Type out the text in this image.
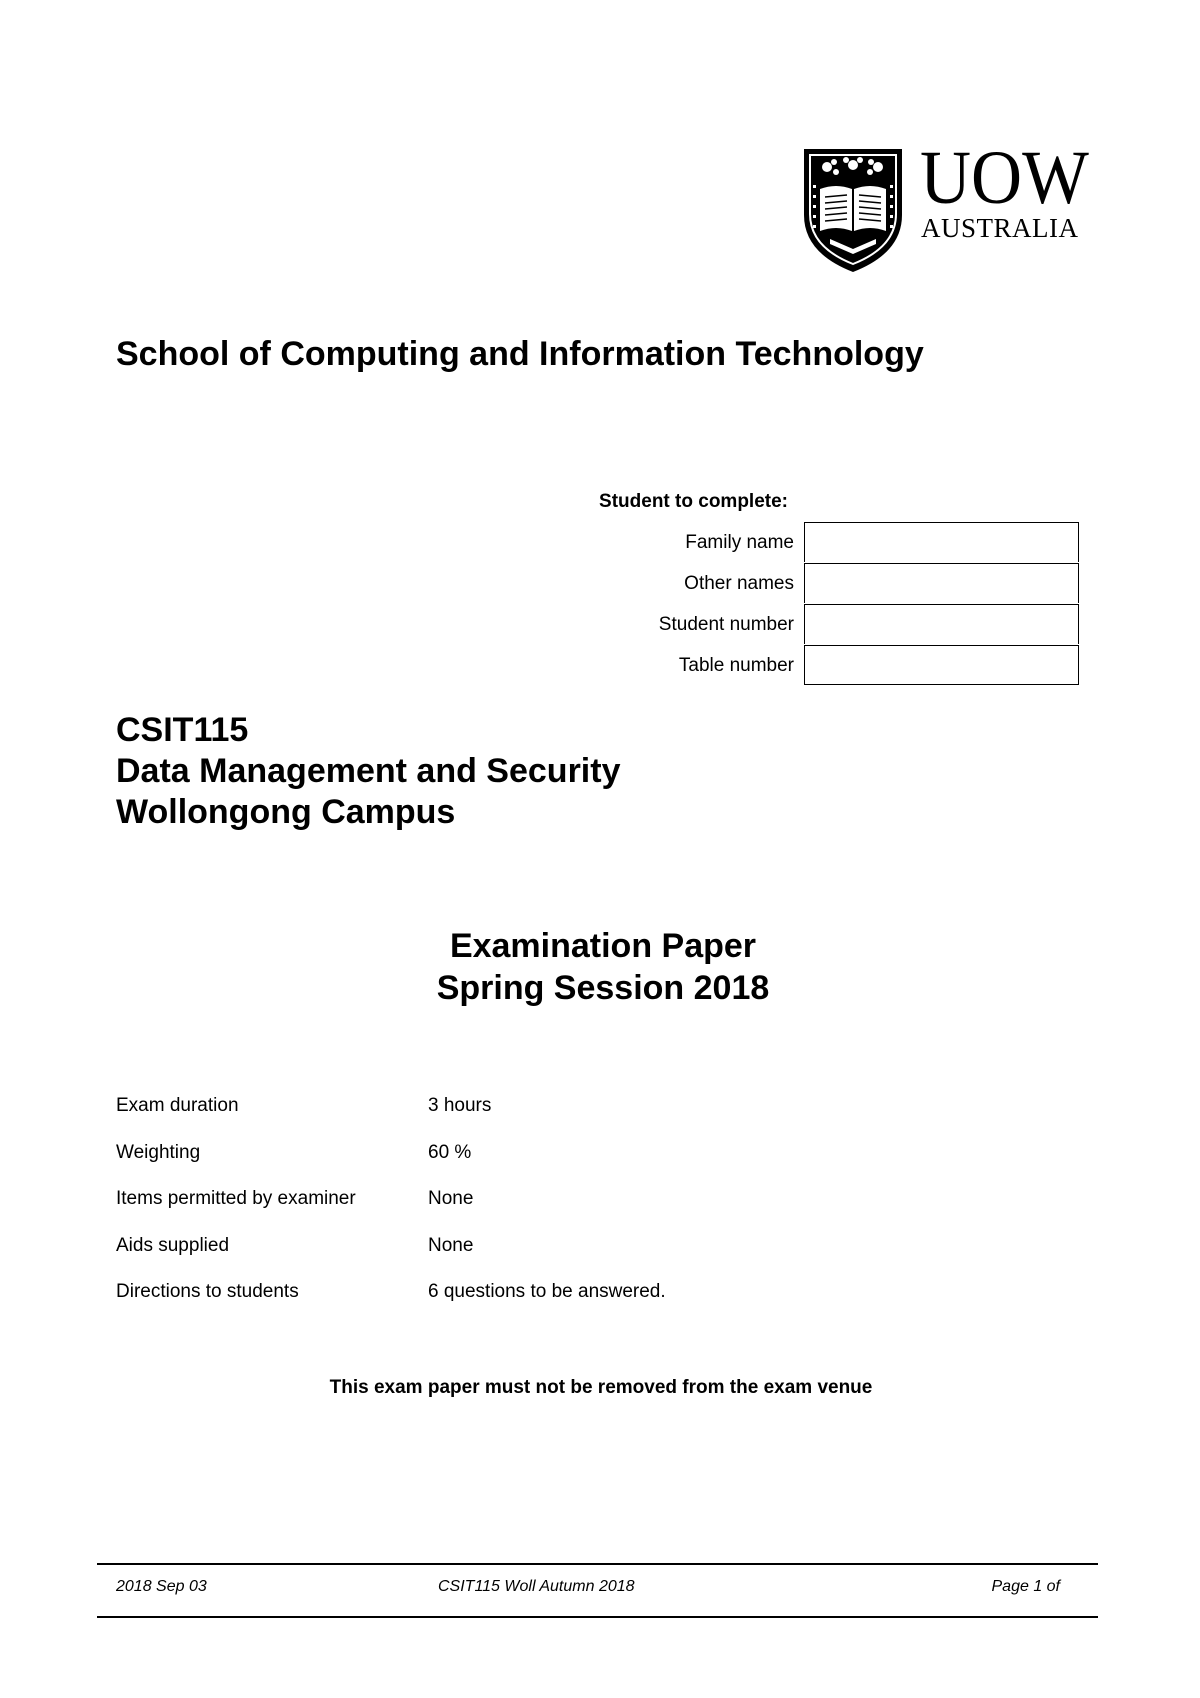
UOW
AUSTRALIA
School of Computing and Information Technology
Student to complete:
Family name
Other names
Student number
Table number
CSIT115
Data Management and Security
Wollongong Campus
Examination Paper
Spring Session 2018
Exam duration	3 hours
Weighting	60 %
Items permitted by examiner	None
Aids supplied	None
Directions to students	6 questions to be answered.
This exam paper must not be removed from the exam venue
2018 Sep 03	CSIT115 Woll Autumn 2018	Page 1 of
